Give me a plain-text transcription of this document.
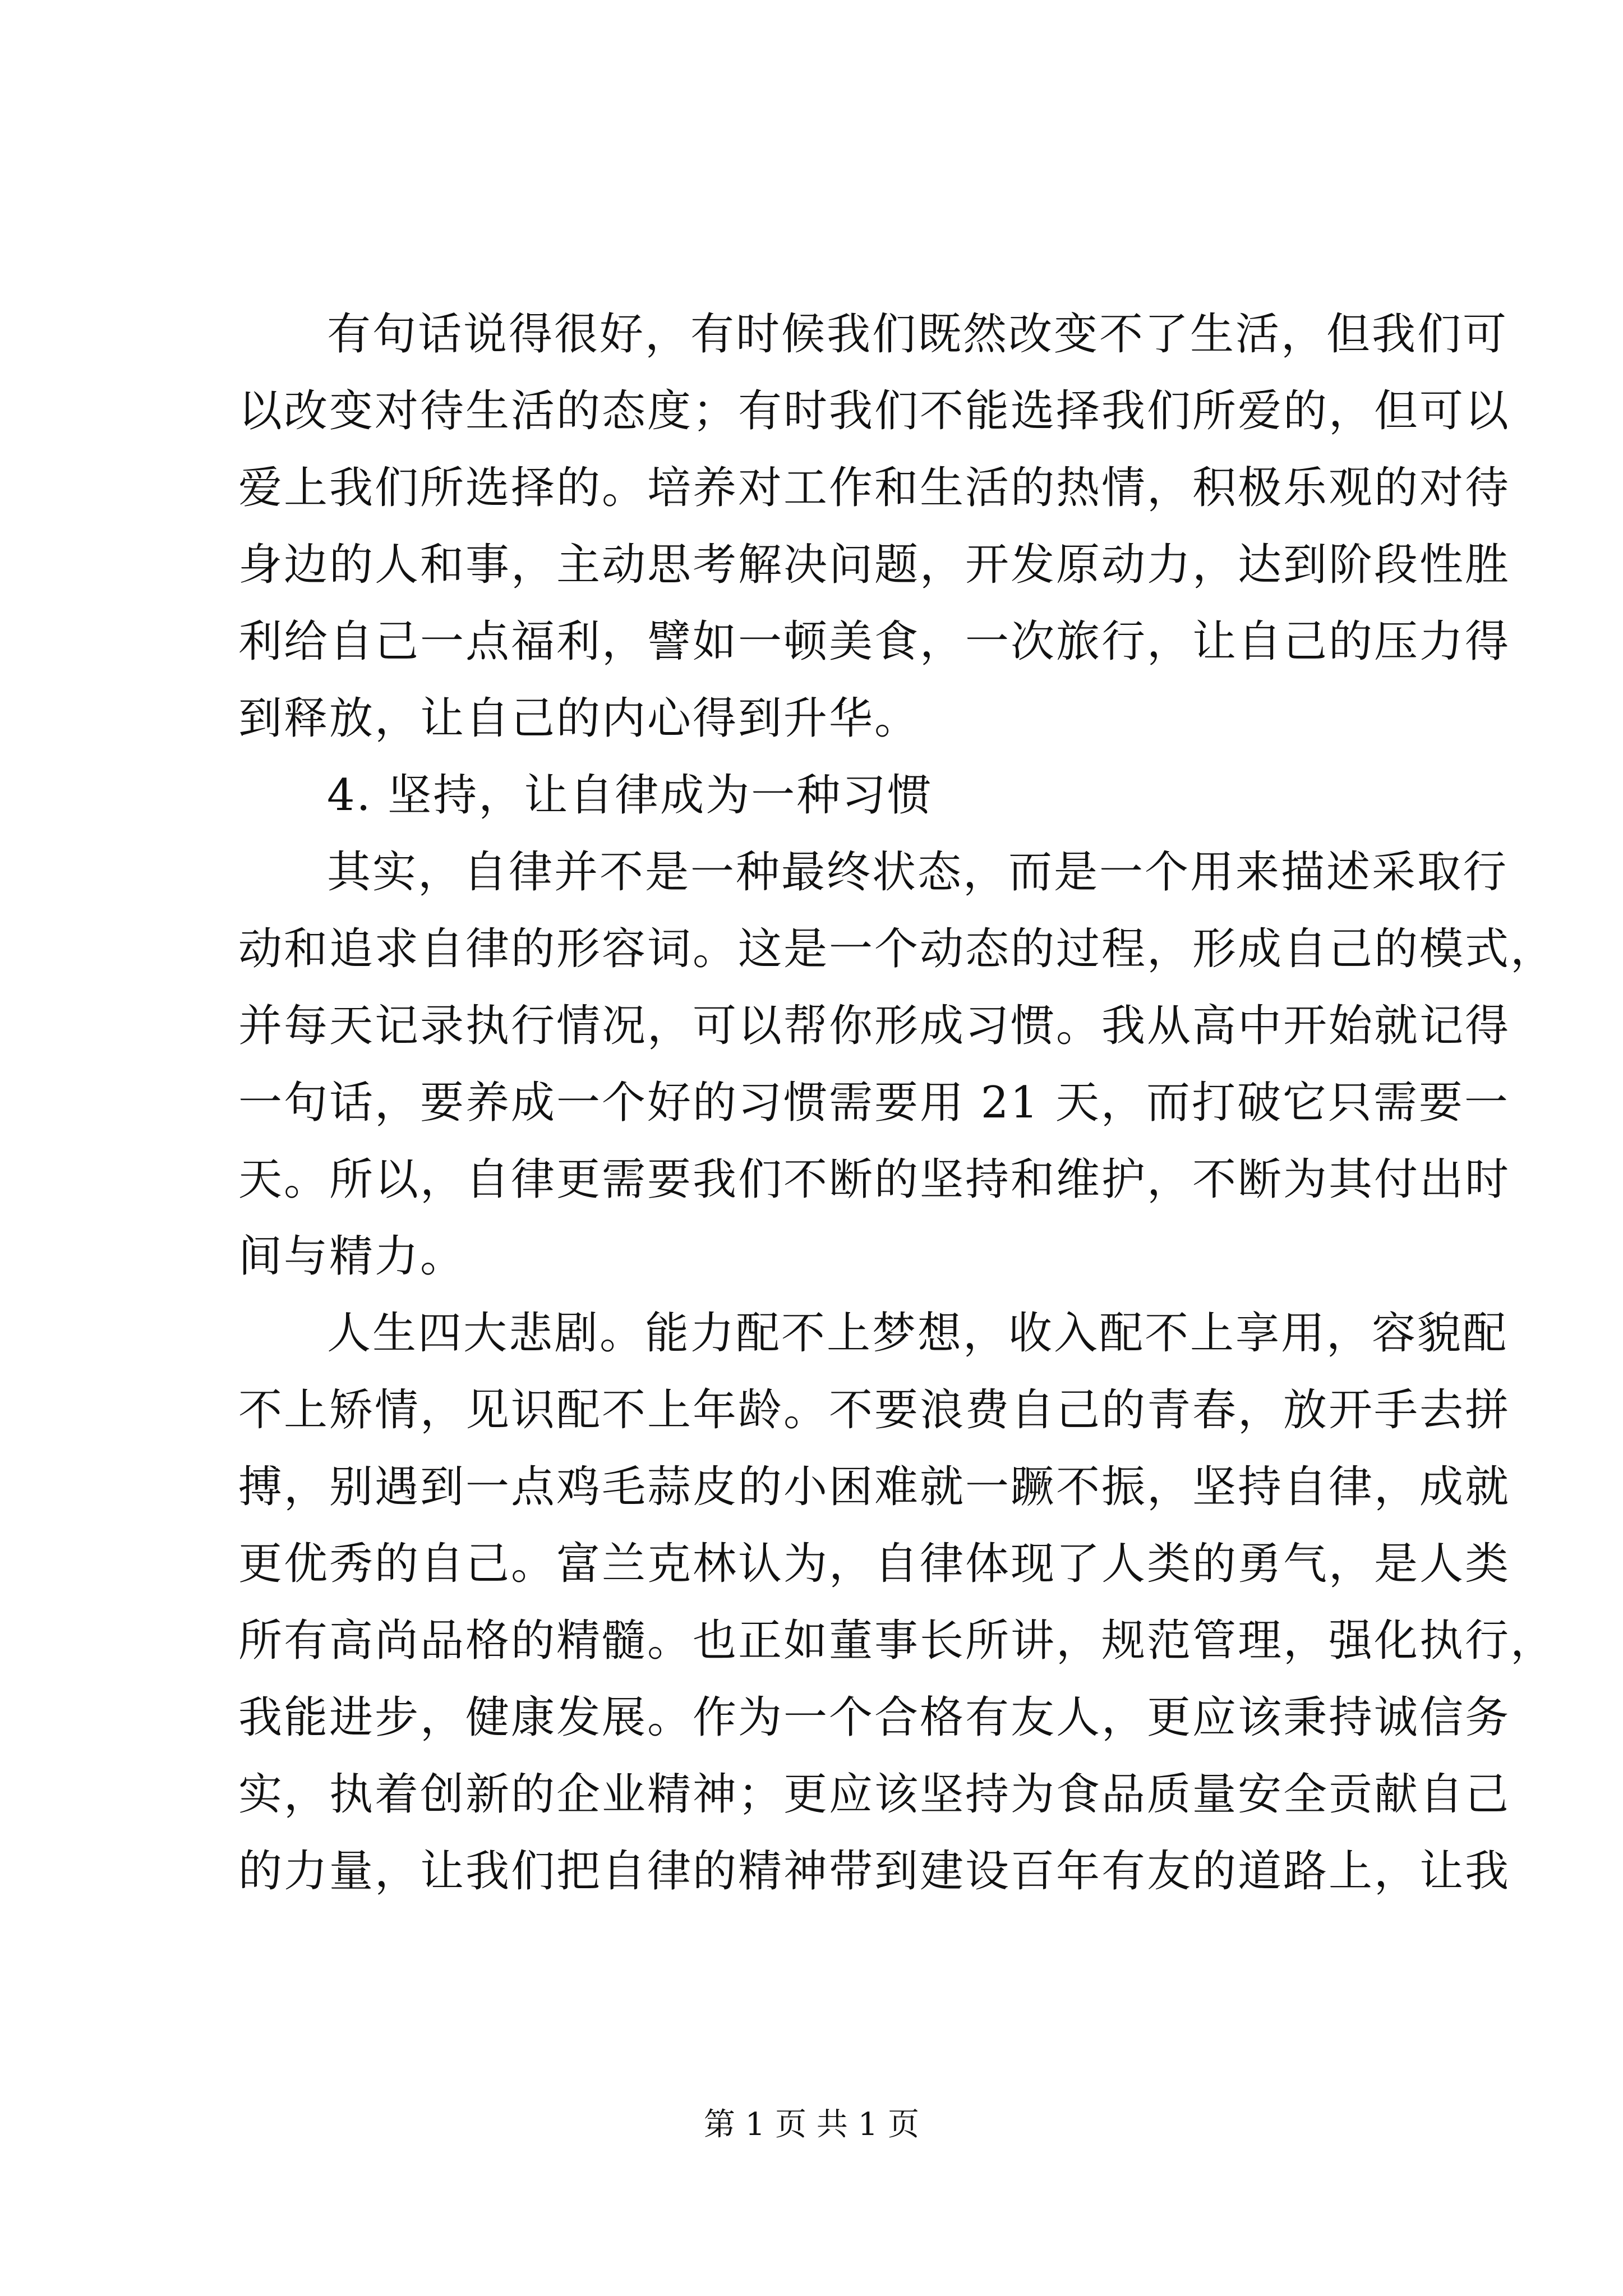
有句话说得很好，有时候我们既然改变不了生活，但我们可
以改变对待生活的态度；有时我们不能选择我们所爱的，但可以
爱上我们所选择的。培养对工作和生活的热情，积极乐观的对待
身边的人和事，主动思考解决问题，开发原动力，达到阶段性胜
利给自己一点福利，譬如一顿美食，一次旅行，让自己的压力得
到释放，让自己的内心得到升华。
4. 坚持，让自律成为一种习惯
其实，自律并不是一种最终状态，而是一个用来描述采取行
动和追求自律的形容词。这是一个动态的过程，形成自己的模式，
并每天记录执行情况，可以帮你形成习惯。我从高中开始就记得
一句话，要养成一个好的习惯需要用 21 天，而打破它只需要一
天。所以，自律更需要我们不断的坚持和维护，不断为其付出时
间与精力。
人生四大悲剧。能力配不上梦想，收入配不上享用，容貌配
不上矫情，见识配不上年龄。不要浪费自己的青春，放开手去拼
搏，别遇到一点鸡毛蒜皮的小困难就一蹶不振，坚持自律，成就
更优秀的自己。富兰克林认为，自律体现了人类的勇气，是人类
所有高尚品格的精髓。也正如董事长所讲，规范管理，强化执行，
我能进步，健康发展。作为一个合格有友人，更应该秉持诚信务
实，执着创新的企业精神；更应该坚持为食品质量安全贡献自己
的力量，让我们把自律的精神带到建设百年有友的道路上，让我
第 1 页 共 1 页
